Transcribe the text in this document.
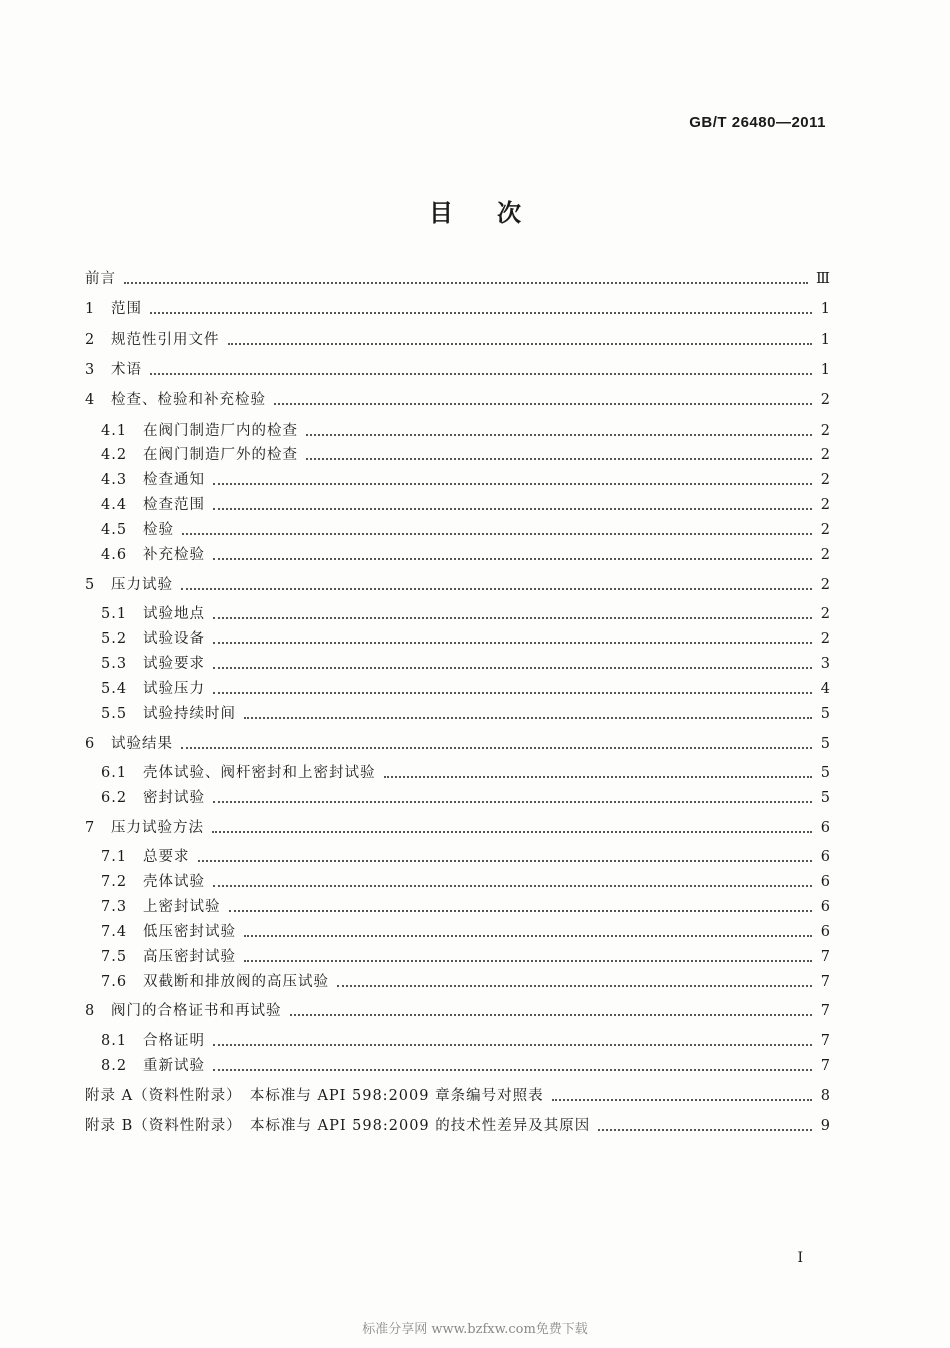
GB/T 26480—2011
目次
前言	Ⅲ
1	范围	1
2	规范性引用文件	1
3	术语	1
4	检查、检验和补充检验	2
4.1	在阀门制造厂内的检查	2
4.2	在阀门制造厂外的检查	2
4.3	检查通知	2
4.4	检查范围	2
4.5	检验	2
4.6	补充检验	2
5	压力试验	2
5.1	试验地点	2
5.2	试验设备	2
5.3	试验要求	3
5.4	试验压力	4
5.5	试验持续时间	5
6	试验结果	5
6.1	壳体试验、阀杆密封和上密封试验	5
6.2	密封试验	5
7	压力试验方法	6
7.1	总要求	6
7.2	壳体试验	6
7.3	上密封试验	6
7.4	低压密封试验	6
7.5	高压密封试验	7
7.6	双截断和排放阀的高压试验	7
8	阀门的合格证书和再试验	7
8.1	合格证明	7
8.2	重新试验	7
附录 A（资料性附录）　本标准与 API 598:2009 章条编号对照表	8
附录 B（资料性附录）　本标准与 API 598:2009 的技术性差异及其原因	9
Ⅰ
标准分享网 www.bzfxw.com免费下载
